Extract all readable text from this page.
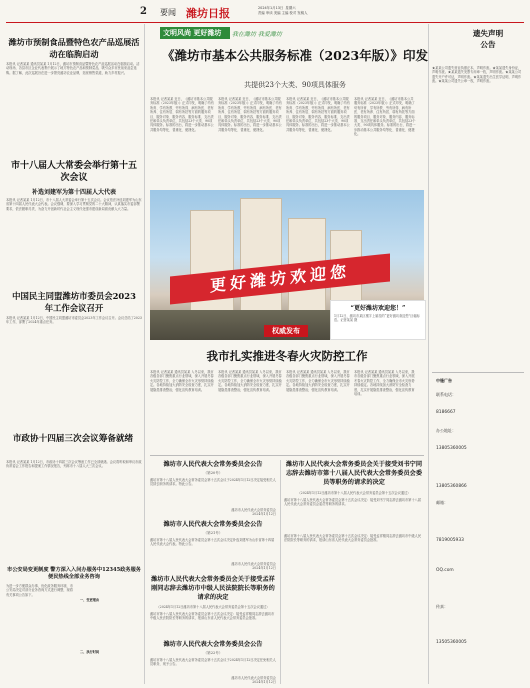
2 要闻 潍坊日报	2024年1月13日  星期六
责编 审读 美编 主编 校对 发稿人
潍坊市预制食品暨特色农产品巡展活动在临朐启动
本报讯 记者某某 通讯员某某 1月12日，潍坊市预制食品暨特色农产品巡展活动在临朐启动。活动现场，各县市区企业代表集中展示了地方特色农产品和预制菜品，吸引众多市民前来品尝选购。据了解，此次巡展旨在进一步擦亮潍坊农业品牌，拓宽销售渠道，助力乡村振兴。
市十八届人大常委会举行第十五次会议
补选刘建军为第十四届人大代表
本报讯 记者某某 1月12日，市十八届人大常委会举行第十五次会议。会议依法补选刘建军为山东省第十四届人民代表大会代表。会议强调，要深入学习贯彻党的二十大精神，认真落实市委部署要求，依法履职尽责，为奋力开创新时代社会主义现代化强市建设新局面贡献人大力量。
中国民主同盟潍坊市委员会2023年工作会议召开
本报讯 记者某某 1月12日，中国民主同盟潍坊市委员会2023年工作会议召开。会议总结了2023年工作，部署了2024年重点任务。
市政协十四届三次会议筹备就绪
本报讯 记者某某 1月12日，市政协十四届三次会议筹备工作已全部就绪。会议将听取和审议市政协常委会工作报告和提案工作情况报告，列席市十八届人大三次会议。
市公安局变更制度 警方深入入问办服务中12345政务服务便民热线全部业务咨询
为进一步方便群众办事，优化政务服务环境，市公安局决定对部分业务咨询方式进行调整，现将有关事项公告如下。
一、变更理由
二、执行时间
文明风尚 更好潍坊	我在潍坊 我爱潍坊
《潍坊市基本公共服务标准（2023年版）》印发
共提供23个大类、90项具体服务
本报讯 记者某某 近日，《潍坊市基本公共服务标准（2023年版）》正式印发，明确了幼有所育、学有所教、劳有所得、病有所医、老有所养、住有所居、弱有所扶等方面的服务项目、服务对象、服务内容、服务标准、支出责任和牵头负责单位，共包括23个大类、90项具体服务。标准的出台，将进一步推动基本公共服务均等化、普惠化、便捷化。
本报讯 记者某某 近日，《潍坊市基本公共服务标准（2023年版）》正式印发，明确了幼有所育、学有所教、劳有所得、病有所医、老有所养、住有所居、弱有所扶等方面的服务项目、服务对象、服务内容、服务标准、支出责任和牵头负责单位，共包括23个大类、90项具体服务。标准的出台，将进一步推动基本公共服务均等化、普惠化、便捷化。
本报讯 记者某某 近日，《潍坊市基本公共服务标准（2023年版）》正式印发，明确了幼有所育、学有所教、劳有所得、病有所医、老有所养、住有所居、弱有所扶等方面的服务项目、服务对象、服务内容、服务标准、支出责任和牵头负责单位，共包括23个大类、90项具体服务。标准的出台，将进一步推动基本公共服务均等化、普惠化、便捷化。
本报讯 记者某某 近日，《潍坊市基本公共服务标准（2023年版）》正式印发，明确了幼有所育、学有所教、劳有所得、病有所医、老有所养、住有所居、弱有所扶等方面的服务项目、服务对象、服务内容、服务标准、支出责任和牵头负责单位，共包括23个大类、90项具体服务。标准的出台，将进一步推动基本公共服务均等化、普惠化、便捷化。
更好潍坊欢迎您
权威发布
“更好潍坊欢迎您！”
1月12日，潍坊市某区楼宇上悬挂的“更好潍坊欢迎您”巨幅标语。记者某某 摄
我市扎实推进冬春火灾防控工作
本报讯 记者某某 通讯员某某 入冬以来，我市各级各部门聚焦重点行业领域，深入开展冬春火灾防控工作，全力确保全市火灾形势持续稳定。各地持续加大消防安全检查力度，扎实开展隐患排查整治，强化宣传教育培训。
本报讯 记者某某 通讯员某某 入冬以来，我市各级各部门聚焦重点行业领域，深入开展冬春火灾防控工作，全力确保全市火灾形势持续稳定。各地持续加大消防安全检查力度，扎实开展隐患排查整治，强化宣传教育培训。
本报讯 记者某某 通讯员某某 入冬以来，我市各级各部门聚焦重点行业领域，深入开展冬春火灾防控工作，全力确保全市火灾形势持续稳定。各地持续加大消防安全检查力度，扎实开展隐患排查整治，强化宣传教育培训。
本报讯 记者某某 通讯员某某 入冬以来，我市各级各部门聚焦重点行业领域，深入开展冬春火灾防控工作，全力确保全市火灾形势持续稳定。各地持续加大消防安全检查力度，扎实开展隐患排查整治，强化宣传教育培训。
潍坊市人民代表大会常务委员会公告
（第20号）
潍坊市第十八届人民代表大会常务委员会第十五次会议于2024年1月12日决定接受相关人员辞去职务的请求。特此公告。
潍坊市人民代表大会常务委员会
2024年1月12日
潍坊市人民代表大会常务委员会公告
（第21号）
潍坊市第十八届人民代表大会常务委员会第十五次会议决定补选刘建军为山东省第十四届人民代表大会代表。特此公告。
潍坊市人民代表大会常务委员会
2024年1月12日
潍坊市人民代表大会常务委员会关于接受孟祥刚同志辞去潍坊市中级人民法院院长等职务的请求的决定
（2024年1月12日潍坊市第十八届人民代表大会常务委员会第十五次会议通过）
潍坊市第十八届人民代表大会常务委员会第十五次会议决定：接受孟祥刚同志辞去潍坊市中级人民法院院长等职务的请求，报请山东省人民代表大会常务委员会批准。
潍坊市人民代表大会常务委员会公告
（第22号）
潍坊市第十八届人民代表大会常务委员会第十五次会议于2024年1月12日决定任免相关人员职务，现予公告。
潍坊市人民代表大会常务委员会
2024年1月12日
潍坊市人民代表大会常务委员会关于接受刘书宁同志辞去潍坊市第十八届人民代表大会常务委员会委员等职务的请求的决定
（2024年1月12日潍坊市第十八届人民代表大会常务委员会第十五次会议通过）
潍坊市第十八届人民代表大会常务委员会第十五次会议决定：接受刘书宁同志辞去潍坊市第十八届人民代表大会常务委员会委员等职务的请求。
潍坊市第十八届人民代表大会常务委员会第十五次会议决定：接受孟祥刚同志辞去潍坊市中级人民法院院长等职务的请求，报请山东省人民代表大会常务委员会批准。
遗失声明公告
★某某公司遗失营业执照正本，声明作废。★某某遗失身份证，声明作废。★某某遗失发票专用章一枚，声明作废。★某某公司遗失开户许可证，声明作废。★某某遗失出生医学证明，声明作废。★某某公司遗失公章一枚，声明作废。
中缝广告
联系电话：
8186667
办公地址：
13805360005
13805360866
邮箱：
7819005933
OQ.com
传真：
13505360005
